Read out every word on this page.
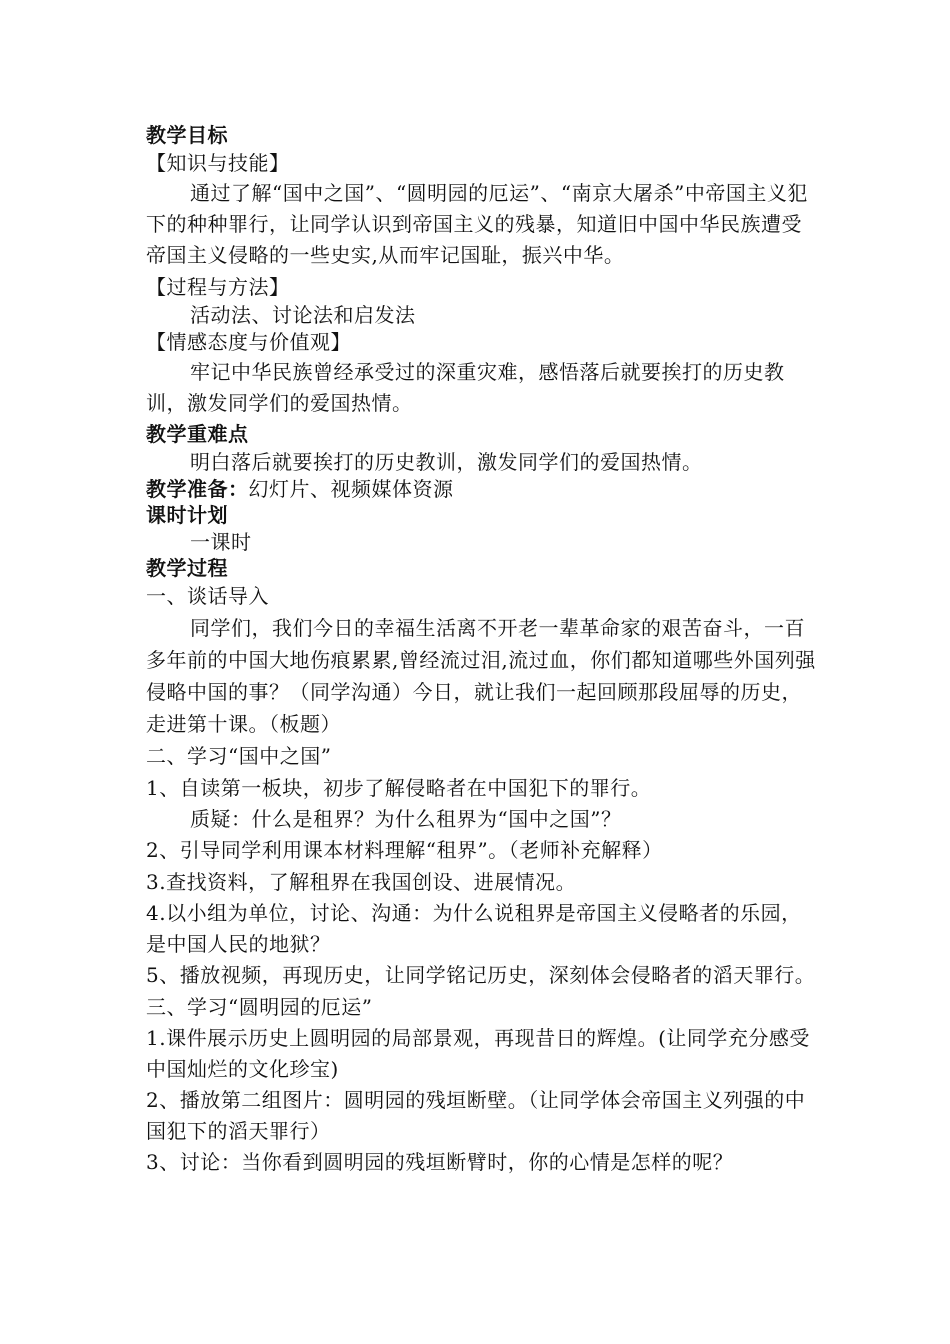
教学目标

【知识与技能】

通过了解“国中之国”、“圆明园的厄运”、“南京大屠杀”中帝国主义犯下的种种罪行，让同学认识到帝国主义的残暴，知道旧中国中华民族遭受帝国主义侵略的一些史实,从而牢记国耻，振兴中华。

【过程与方法】

活动法、讨论法和启发法

【情感态度与价值观】

牢记中华民族曾经承受过的深重灾难，感悟落后就要挨打的历史教训，激发同学们的爱国热情。

教学重难点

明白落后就要挨打的历史教训，激发同学们的爱国热情。

教学准备：幻灯片、视频媒体资源

课时计划

一课时

教学过程

一、谈话导入

同学们，我们今日的幸福生活离不开老一辈革命家的艰苦奋斗，一百多年前的中国大地伤痕累累,曾经流过泪,流过血，你们都知道哪些外国列强侵略中国的事？（同学沟通）今日，就让我们一起回顾那段屈辱的历史，走进第十课。（板题）

二、学习“国中之国”

1、自读第一板块，初步了解侵略者在中国犯下的罪行。

质疑：什么是租界？为什么租界为“国中之国”？

2、引导同学利用课本材料理解“租界”。（老师补充解释）

3.查找资料，了解租界在我国创设、进展情况。

4.以小组为单位，讨论、沟通：为什么说租界是帝国主义侵略者的乐园，是中国人民的地狱？

5、播放视频，再现历史，让同学铭记历史，深刻体会侵略者的滔天罪行。

三、学习“圆明园的厄运”

1.课件展示历史上圆明园的局部景观，再现昔日的辉煌。(让同学充分感受中国灿烂的文化珍宝)

2、播放第二组图片：圆明园的残垣断壁。（让同学体会帝国主义列强的中国犯下的滔天罪行）

3、讨论：当你看到圆明园的残垣断臂时，你的心情是怎样的呢？
